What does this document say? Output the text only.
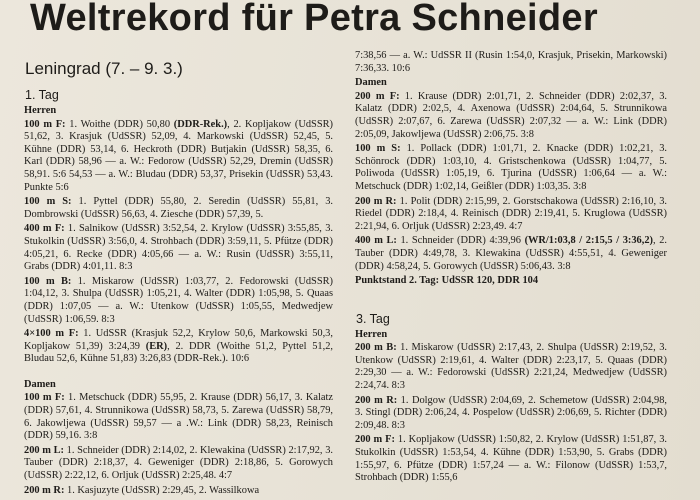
Weltrekord für Petra Schneider
Leningrad (7. – 9. 3.)
1. Tag
Herren
100 m F: 1. Woithe (DDR) 50,80 (DDR-Rek.), 2. Kopljakow (UdSSR) 51,62, 3. Krasjuk (UdSSR) 52,09, 4. Markowski (UdSSR) 52,45, 5. Kühne (DDR) 53,14, 6. Heckroth (DDR) Butjakin (UdSSR) 58,35, 6. Karl (DDR) 58,96 — a. W.: Fedorow (UdSSR) 52,29, Dremin (UdSSR) 58,91. 5:6 54,53 — a. W.: Bludau (DDR) 53,37, Prisekin (UdSSR) 53,43. Punkte 5:6
100 m S: 1. Pyttel (DDR) 55,80, 2. Seredin (UdSSR) 55,81, 3. Dombrowski (UdSSR) 56,63, 4. Ziesche (DDR) 57,39, 5.
400 m F: 1. Salnikow (UdSSR) 3:52,54, 2. Krylow (UdSSR) 3:55,85, 3. Stukolkin (UdSSR) 3:56,0, 4. Strohbach (DDR) 3:59,11, 5. Pfütze (DDR) 4:05,21, 6. Recke (DDR) 4:05,66 — a. W.: Rusin (UdSSR) 3:55,11, Grabs (DDR) 4:01,11. 8:3
100 m B: 1. Miskarow (UdSSR) 1:03,77, 2. Fedorowski (UdSSR) 1:04,12, 3. Shulpa (UdSSR) 1:05,21, 4. Walter (DDR) 1:05,98, 5. Quaas (DDR) 1:07,05 — a. W.: Utenkow (UdSSR) 1:05,55, Medwedjew (UdSSR) 1:06,59. 8:3
4×100 m F: 1. UdSSR (Krasjuk 52,2, Krylow 50,6, Markowski 50,3, Kopljakow 51,39) 3:24,39 (ER), 2. DDR (Woithe 51,2, Pyttel 51,2, Bludau 52,6, Kühne 51,83) 3:26,83 (DDR-Rek.). 10:6
Damen
100 m F: 1. Metschuck (DDR) 55,95, 2. Krause (DDR) 56,17, 3. Kalatz (DDR) 57,61, 4. Strunnikowa (UdSSR) 58,73, 5. Zarewa (UdSSR) 58,79, 6. Jakowljewa (UdSSR) 59,57 — a .W.: Link (DDR) 58,23, Reinisch (DDR) 59,16. 3:8
200 m L: 1. Schneider (DDR) 2:14,02, 2. Klewakina (UdSSR) 2:17,92, 3. Tauber (DDR) 2:18,37, 4. Geweniger (DDR) 2:18,86, 5. Gorowych (UdSSR) 2:22,12, 6. Orljuk (UdSSR) 2:25,48. 4:7
200 m R: 1. Kasjuzyte (UdSSR) 2:29,45, 2. Wassilkowa
7:38,56 — a. W.: UdSSR II (Rusin 1:54,0, Krasjuk, Prisekin, Markowski) 7:36,33. 10:6
Damen
200 m F: 1. Krause (DDR) 2:01,71, 2. Schneider (DDR) 2:02,37, 3. Kalatz (DDR) 2:02,5, 4. Axenowa (UdSSR) 2:04,64, 5. Strunnikowa (UdSSR) 2:07,67, 6. Zarewa (UdSSR) 2:07,32 — a. W.: Link (DDR) 2:05,09, Jakowljewa (UdSSR) 2:06,75. 3:8
100 m S: 1. Pollack (DDR) 1:01,71, 2. Knacke (DDR) 1:02,21, 3. Schönrock (DDR) 1:03,10, 4. Gristschenkowa (UdSSR) 1:04,77, 5. Poliwoda (UdSSR) 1:05,19, 6. Tjurina (UdSSR) 1:06,64 — a. W.: Metschuck (DDR) 1:02,14, Geißler (DDR) 1:03,35. 3:8
200 m R: 1. Polit (DDR) 2:15,99, 2. Gorstschakowa (UdSSR) 2:16,10, 3. Riedel (DDR) 2:18,4, 4. Reinisch (DDR) 2:19,41, 5. Kruglowa (UdSSR) 2:21,94, 6. Orljuk (UdSSR) 2:23,49. 4:7
400 m L: 1. Schneider (DDR) 4:39,96 (WR/1:03,8 / 2:15,5 / 3:36,2), 2. Tauber (DDR) 4:49,78, 3. Klewakina (UdSSR) 4:55,51, 4. Geweniger (DDR) 4:58,24, 5. Gorowych (UdSSR) 5:06,43. 3:8
Punktstand 2. Tag: UdSSR 120, DDR 104
3. Tag
Herren
200 m B: 1. Miskarow (UdSSR) 2:17,43, 2. Shulpa (UdSSR) 2:19,52, 3. Utenkow (UdSSR) 2:19,61, 4. Walter (DDR) 2:23,17, 5. Quaas (DDR) 2:29,30 — a. W.: Fedorowski (UdSSR) 2:21,24, Medwedjew (UdSSR) 2:24,74. 8:3
200 m R: 1. Dolgow (UdSSR) 2:04,69, 2. Schemetow (UdSSR) 2:04,98, 3. Stingl (DDR) 2:06,24, 4. Pospelow (UdSSR) 2:06,69, 5. Richter (DDR) 2:09,48. 8:3
200 m F: 1. Kopljakow (UdSSR) 1:50,82, 2. Krylow (UdSSR) 1:51,87, 3. Stukolkin (UdSSR) 1:53,54, 4. Kühne (DDR) 1:53,90, 5. Grabs (DDR) 1:55,97, 6. Pfütze (DDR) 1:57,24 — a. W.: Filonow (UdSSR) 1:53,7, Strohbach (DDR) 1:55,6
